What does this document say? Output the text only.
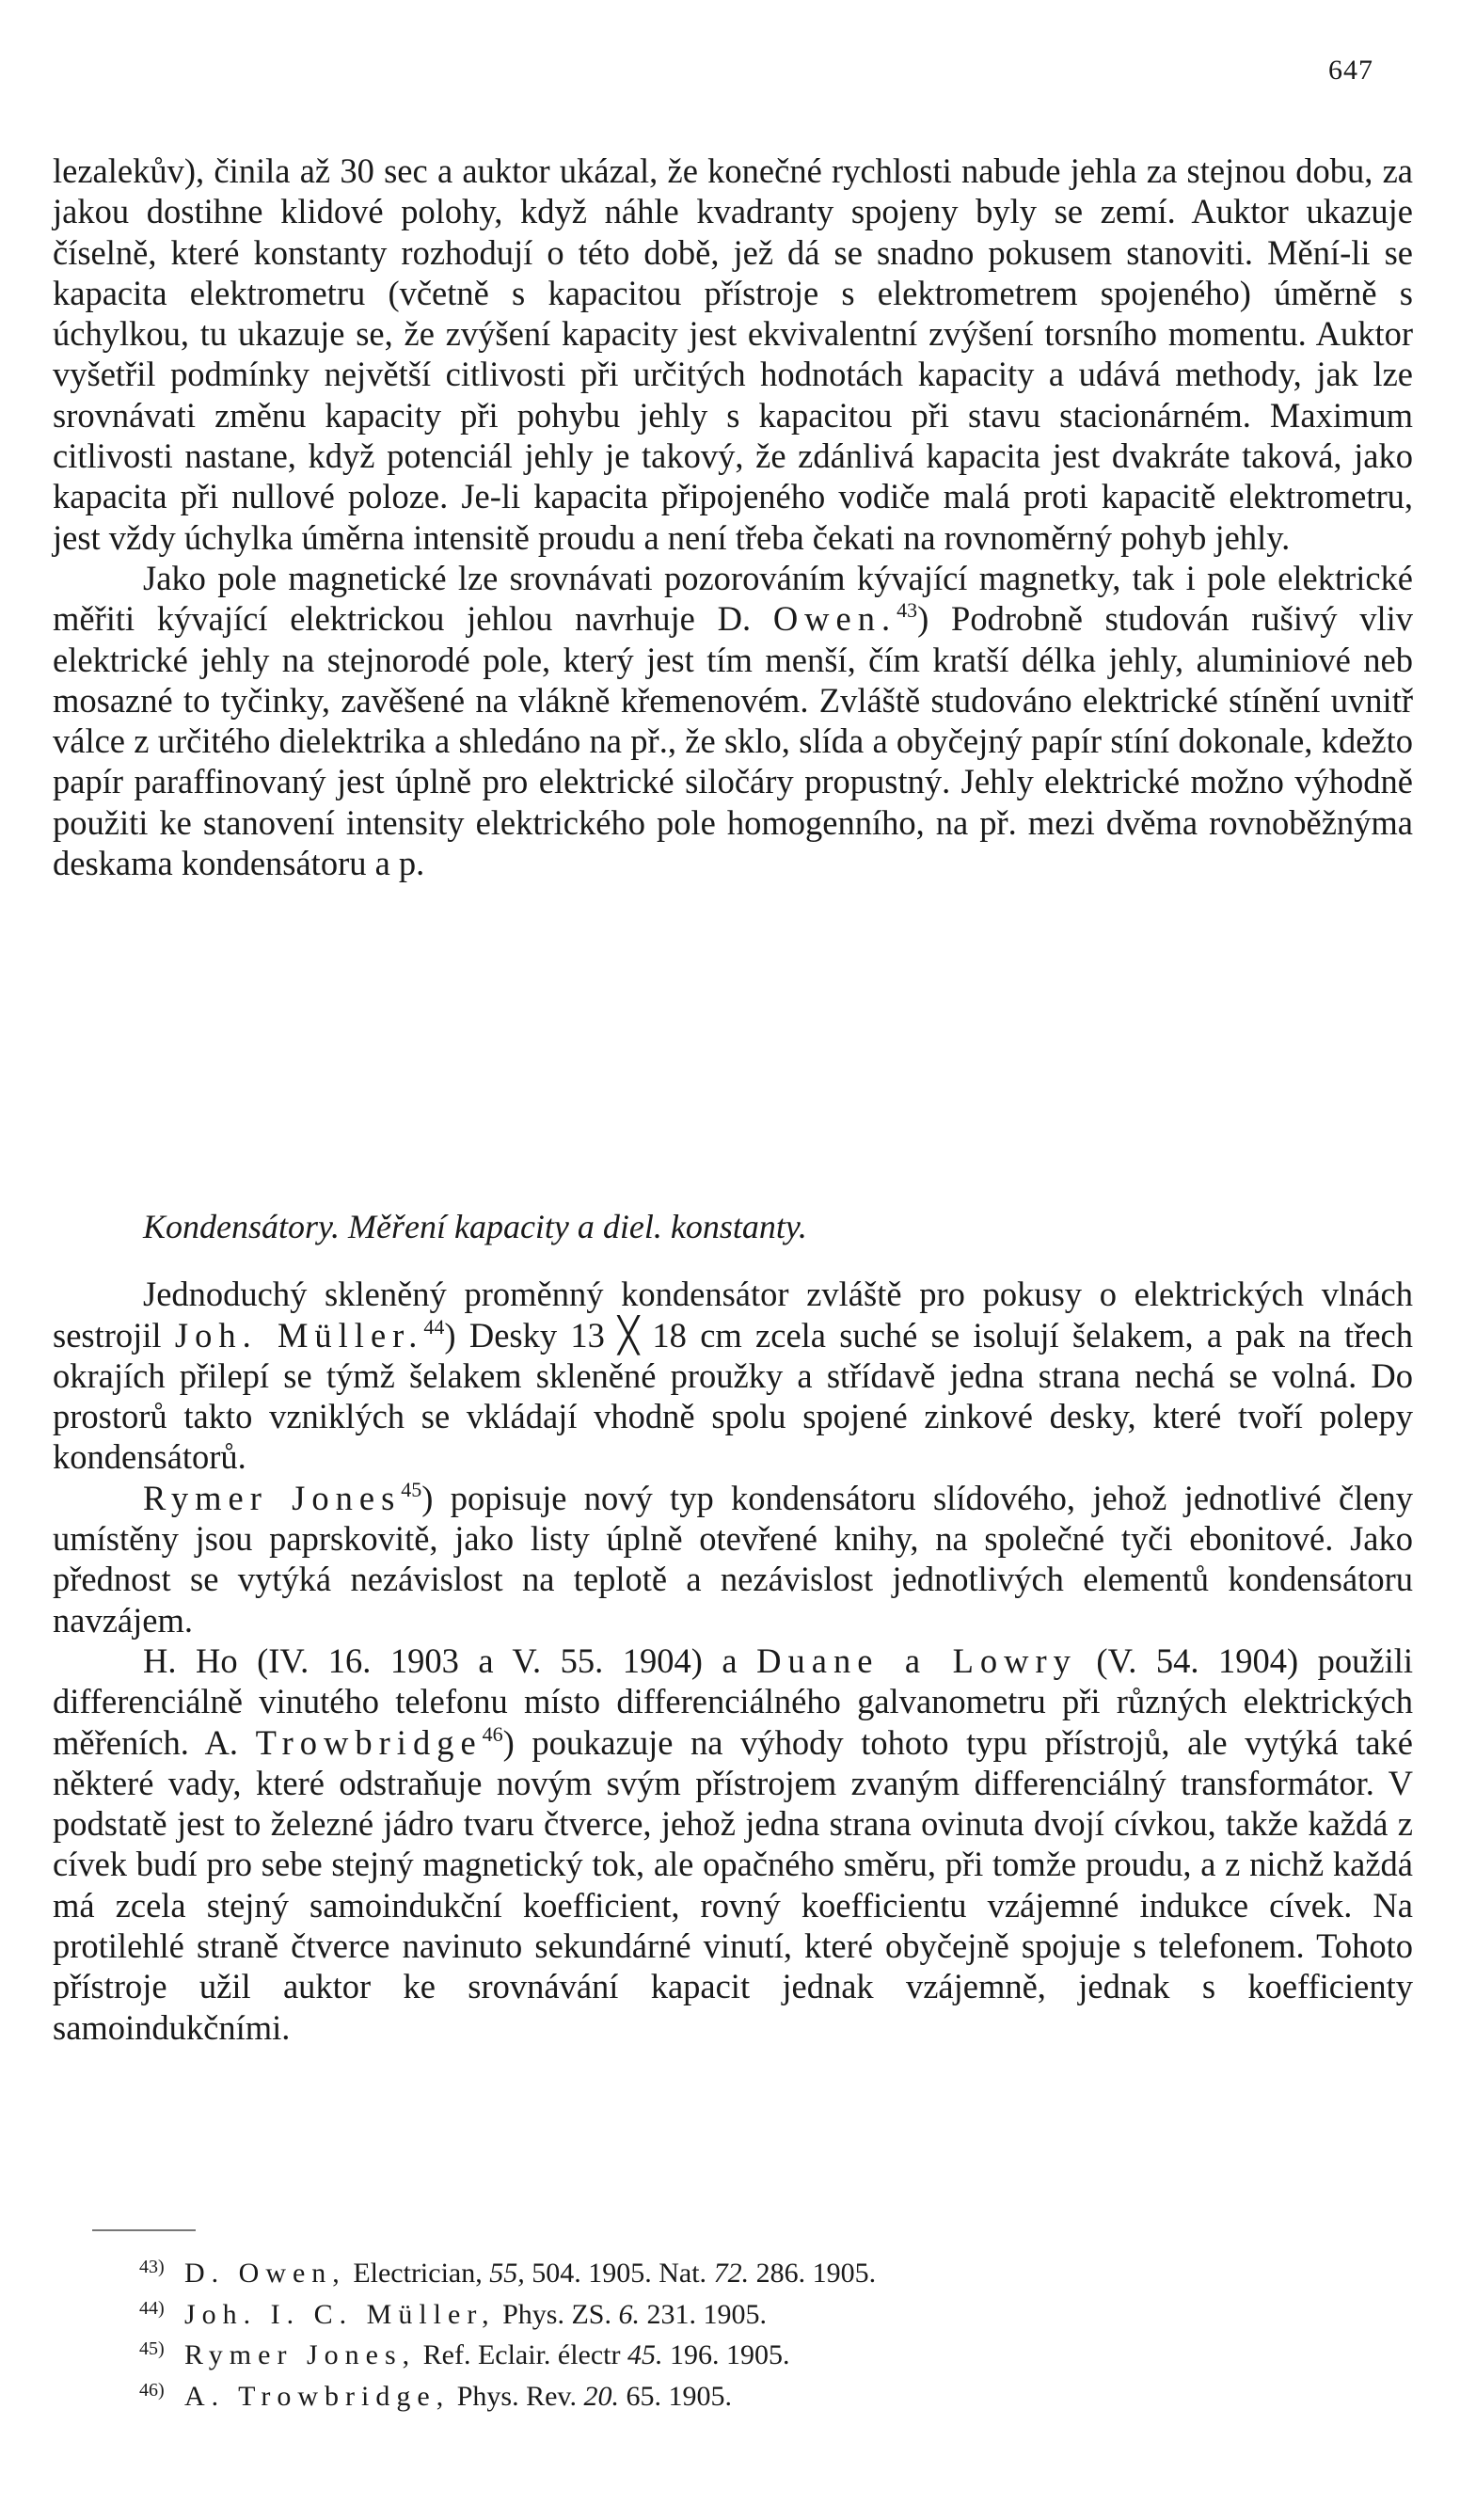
647

lezalekův), činila až 30 sec a auktor ukázal, že konečné rychlosti nabude jehla za stejnou dobu, za jakou dostihne klidové polohy, když náhle kvadranty spojeny byly se zemí. Auktor ukazuje číselně, které konstanty rozhodují o této době, jež dá se snadno pokusem stanoviti. Mění-li se kapacita elektrometru (včetně s kapacitou přístroje s elektrometrem spojeného) úměrně s úchylkou, tu ukazuje se, že zvýšení kapacity jest ekvivalentní zvýšení torsního momentu. Auktor vyšetřil podmínky největší citlivosti při určitých hodnotách kapacity a udává methody, jak lze srovnávati změnu kapacity při pohybu jehly s kapacitou při stavu stacionárném. Maximum citlivosti nastane, když potenciál jehly je takový, že zdánlivá kapacita jest dvakráte taková, jako kapacita při nullové poloze. Je-li kapacita připojeného vodiče malá proti kapacitě elektrometru, jest vždy úchylka úměrna intensitě proudu a není třeba čekati na rovnoměrný pohyb jehly.

Jako pole magnetické lze srovnávati pozorováním kývající magnetky, tak i pole elektrické měřiti kývající elektrickou jehlou navrhuje D. Owen.$^{43}$) Podrobně studován rušivý vliv elektrické jehly na stejnorodé pole, který jest tím menší, čím kratší délka jehly, aluminiové neb mosazné to tyčinky, zavěšené na vlákně křemenovém. Zvláště studováno elektrické stínění uvnitř válce z určitého dielektrika a shledáno na př., že sklo, slída a obyčejný papír stíní dokonale, kdežto papír paraffinovaný jest úplně pro elektrické siločáry propustný. Jehly elektrické možno výhodně použiti ke stanovení intensity elektrického pole homogenního, na př. mezi dvěma rovnoběžnýma deskama kondensátoru a p.

Kondensátory. Měření kapacity a diel. konstanty.

Jednoduchý skleněný proměnný kondensátor zvláště pro pokusy o elektrických vlnách sestrojil Joh. Müller.$^{44}$) Desky 13 ╳ 18 cm zcela suché se isolují šelakem, a pak na třech okrajích přilepí se týmž šelakem skleněné proužky a střídavě jedna strana nechá se volná. Do prostorů takto vzniklých se vkládají vhodně spolu spojené zinkové desky, které tvoří polepy kondensátorů.

Rymer Jones$^{45}$) popisuje nový typ kondensátoru slídového, jehož jednotlivé členy umístěny jsou paprskovitě, jako listy úplně otevřené knihy, na společné tyči ebonitové. Jako přednost se vytýká nezávislost na teplotě a nezávislost jednotlivých elementů kondensátoru navzájem.

H. Ho (IV. 16. 1903 a V. 55. 1904) a Duane a Lowry (V. 54. 1904) použili differenciálně vinutého telefonu místo differenciálného galvanometru při různých elektrických měřeních. A. Trowbridge$^{46}$) poukazuje na výhody tohoto typu přístrojů, ale vytýká také některé vady, které odstraňuje novým svým přístrojem zvaným differenciálný transformátor. V podstatě jest to železné jádro tvaru čtverce, jehož jedna strana ovinuta dvojí cívkou, takže každá z cívek budí pro sebe stejný magnetický tok, ale opačného směru, při tomže proudu, a z nichž každá má zcela stejný samoindukční koefficient, rovný koefficientu vzájemné indukce cívek. Na protilehlé straně čtverce navinuto sekundárné vinutí, které obyčejně spojuje s telefonem. Tohoto přístroje užil auktor ke srovnávání kapacit jednak vzájemně, jednak s koefficienty samoindukčními.

43) D. Owen, Electrician, 55, 504. 1905. Nat. 72. 286. 1905.

44) Joh. I. C. Müller, Phys. ZS. 6. 231. 1905.

45) Rymer Jones, Ref. Eclair. électr 45. 196. 1905.

46) A. Trowbridge, Phys. Rev. 20. 65. 1905.
